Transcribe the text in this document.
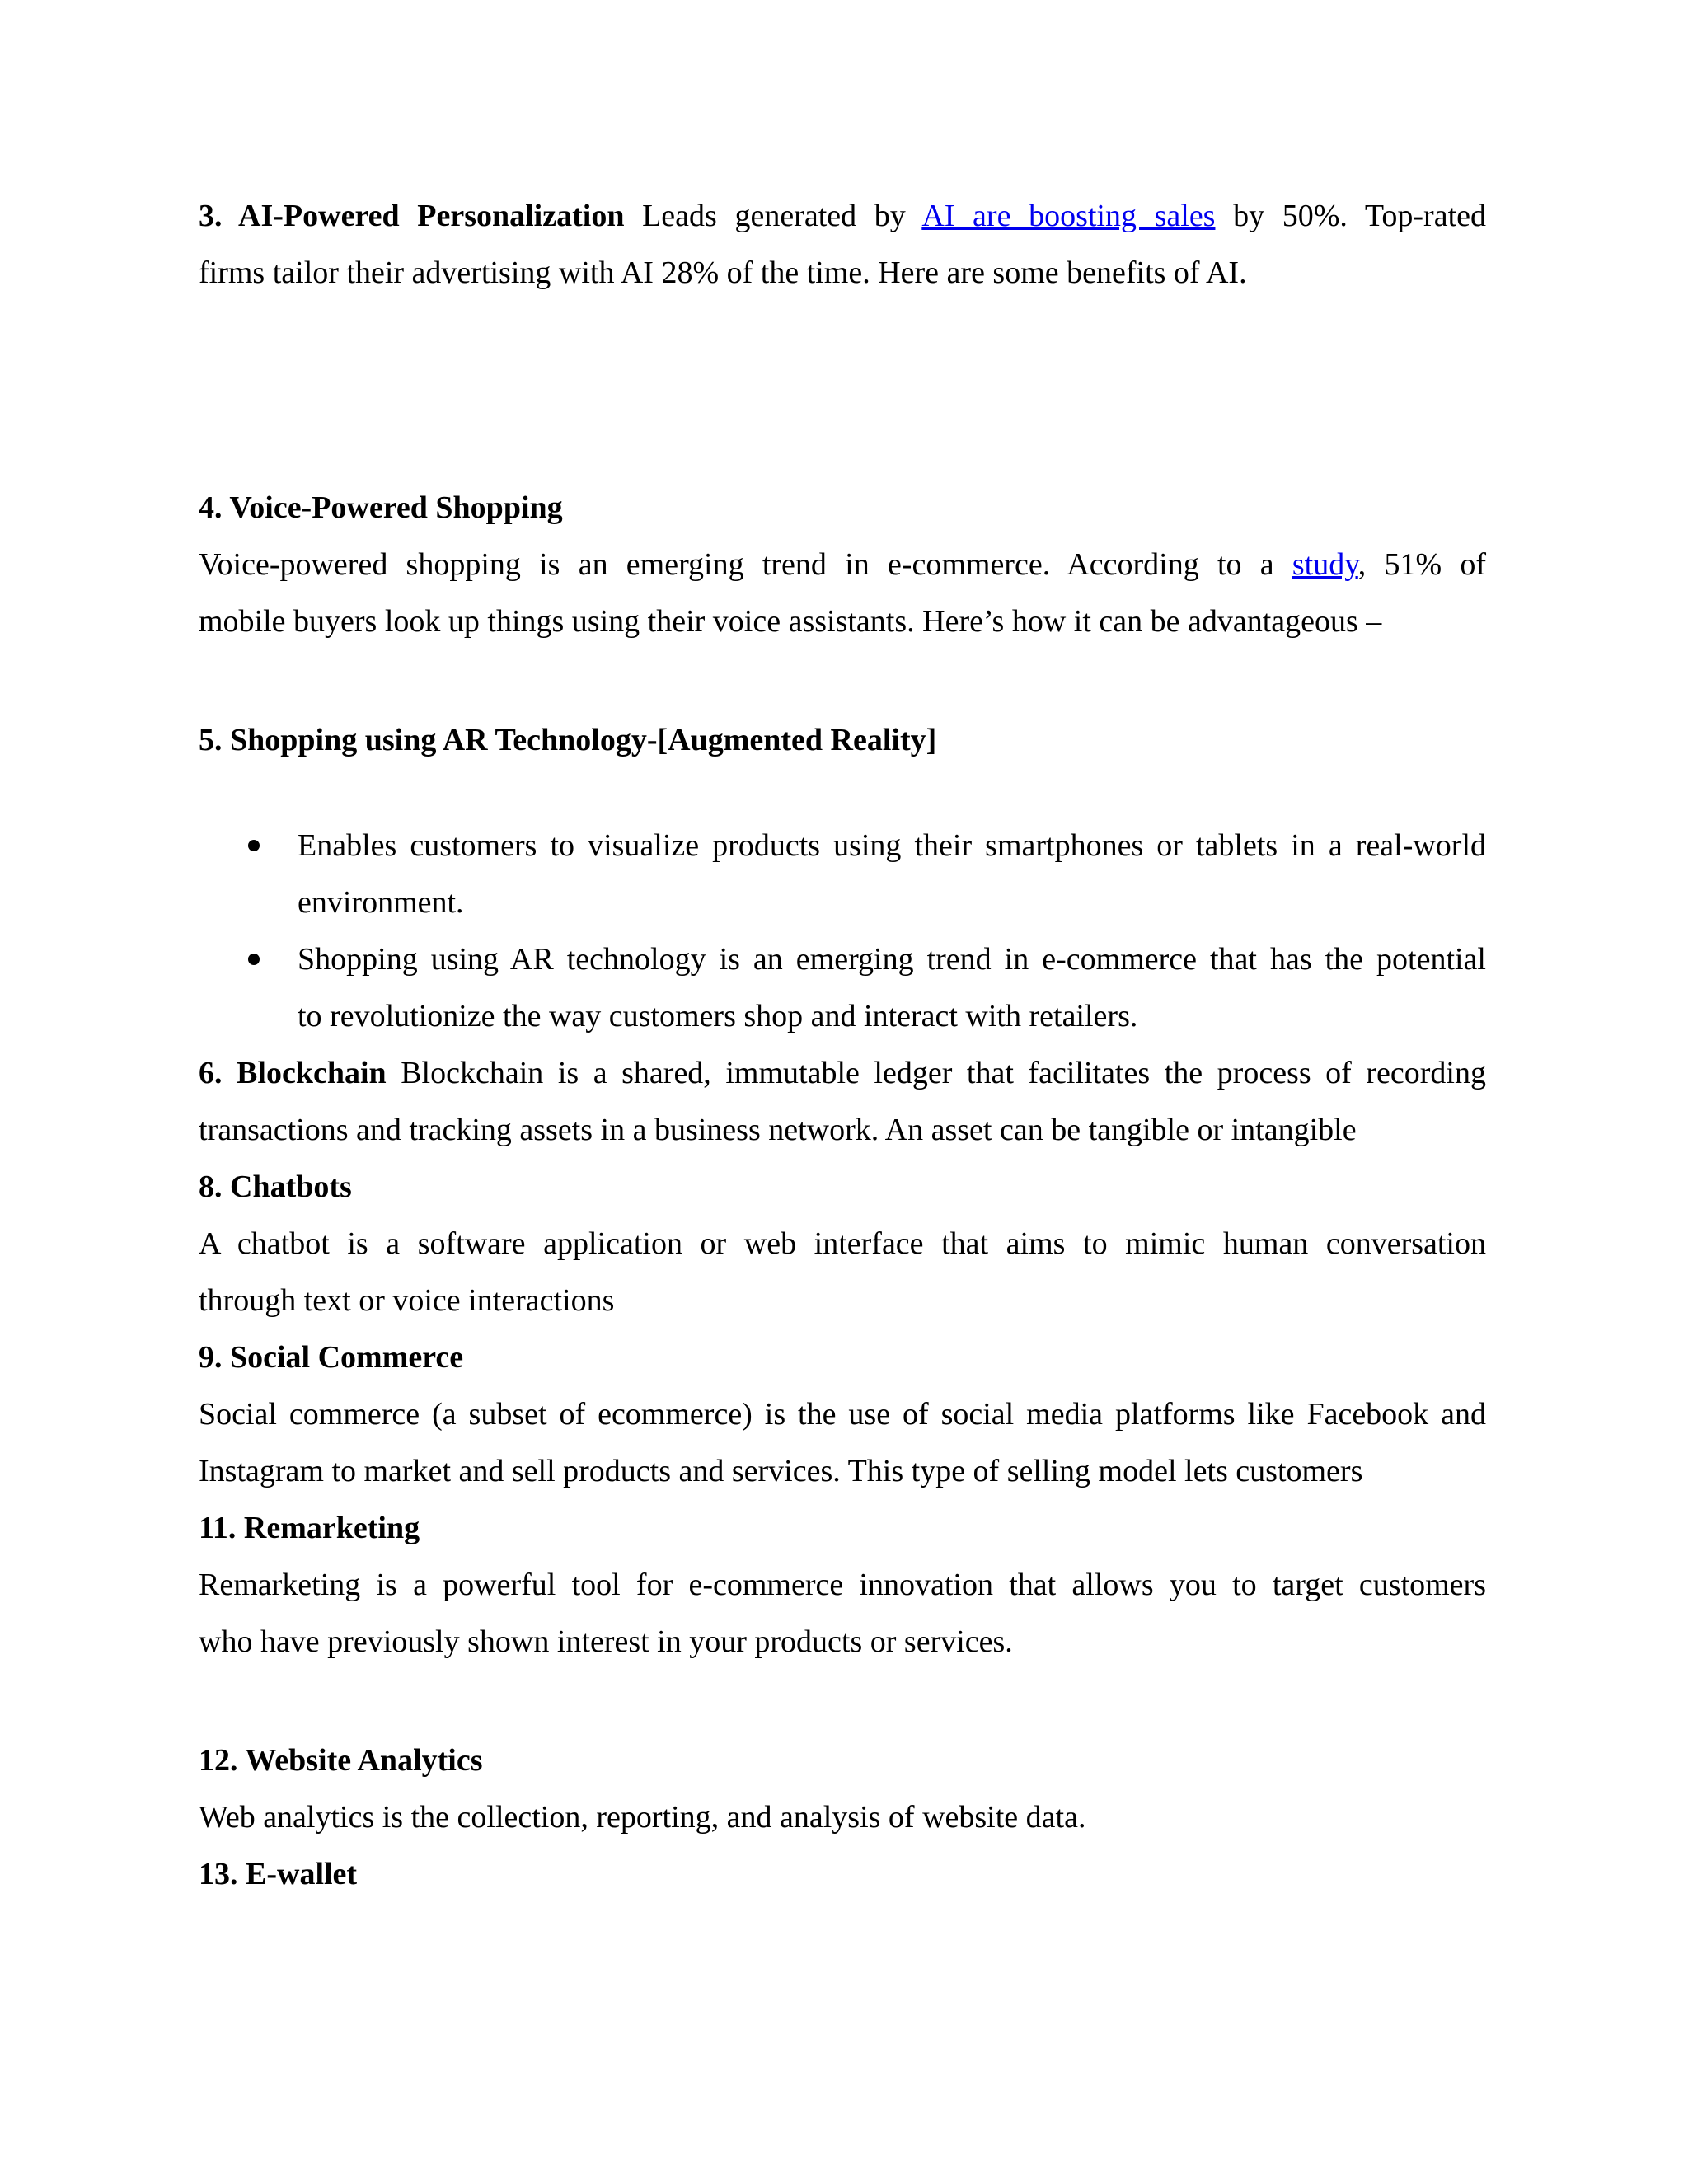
3. AI-Powered Personalization Leads generated by AI are boosting sales by 50%. Top-rated
firms tailor their advertising with AI 28% of the time. Here are some benefits of AI.
4. Voice-Powered Shopping
Voice-powered shopping is an emerging trend in e-commerce. According to a study, 51% of
mobile buyers look up things using their voice assistants. Here’s how it can be advantageous –
5. Shopping using AR Technology-[Augmented Reality]
Enables customers to visualize products using their smartphones or tablets in a real-world
environment.
Shopping using AR technology is an emerging trend in e-commerce that has the potential
to revolutionize the way customers shop and interact with retailers.
6. Blockchain Blockchain is a shared, immutable ledger that facilitates the process of recording
transactions and tracking assets in a business network. An asset can be tangible or intangible
8. Chatbots
A chatbot is a software application or web interface that aims to mimic human conversation
through text or voice interactions
9. Social Commerce
Social commerce (a subset of ecommerce) is the use of social media platforms like Facebook and
Instagram to market and sell products and services. This type of selling model lets customers
11. Remarketing
Remarketing is a powerful tool for e-commerce innovation that allows you to target customers
who have previously shown interest in your products or services.
12. Website Analytics
Web analytics is the collection, reporting, and analysis of website data.
13. E-wallet
